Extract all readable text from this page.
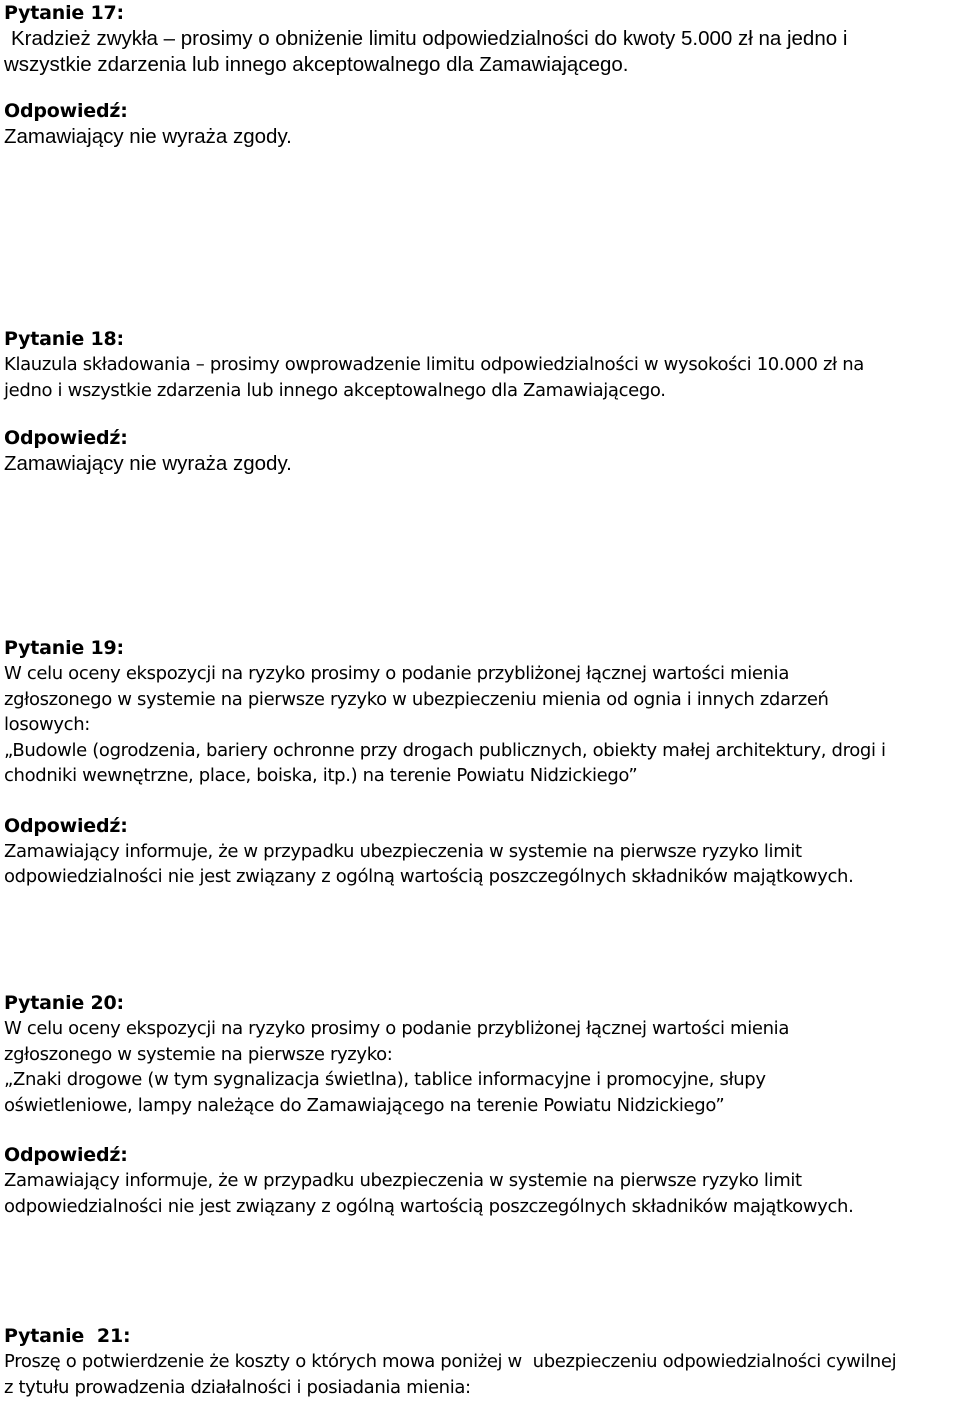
Pytanie 17:
Kradzież zwykła – prosimy o obniżenie limitu odpowiedzialności do kwoty 5.000 zł na jedno i
wszystkie zdarzenia lub innego akceptowalnego dla Zamawiającego.
Odpowiedź:
Zamawiający nie wyraża zgody.
Pytanie 18:
Klauzula składowania – prosimy owprowadzenie limitu odpowiedzialności w wysokości 10.000 zł na
jedno i wszystkie zdarzenia lub innego akceptowalnego dla Zamawiającego.
Odpowiedź:
Zamawiający nie wyraża zgody.
Pytanie 19:
W celu oceny ekspozycji na ryzyko prosimy o podanie przybliżonej łącznej wartości mienia
zgłoszonego w systemie na pierwsze ryzyko w ubezpieczeniu mienia od ognia i innych zdarzeń
losowych:
„Budowle (ogrodzenia, bariery ochronne przy drogach publicznych, obiekty małej architektury, drogi i
chodniki wewnętrzne, place, boiska, itp.) na terenie Powiatu Nidzickiego”
Odpowiedź:
Zamawiający informuje, że w przypadku ubezpieczenia w systemie na pierwsze ryzyko limit
odpowiedzialności nie jest związany z ogólną wartością poszczególnych składników majątkowych.
Pytanie 20:
W celu oceny ekspozycji na ryzyko prosimy o podanie przybliżonej łącznej wartości mienia
zgłoszonego w systemie na pierwsze ryzyko:
„Znaki drogowe (w tym sygnalizacja świetlna), tablice informacyjne i promocyjne, słupy
oświetleniowe, lampy należące do Zamawiającego na terenie Powiatu Nidzickiego”
Odpowiedź:
Zamawiający informuje, że w przypadku ubezpieczenia w systemie na pierwsze ryzyko limit
odpowiedzialności nie jest związany z ogólną wartością poszczególnych składników majątkowych.
Pytanie  21:
Proszę o potwierdzenie że koszty o których mowa poniżej w  ubezpieczeniu odpowiedzialności cywilnej
z tytułu prowadzenia działalności i posiadania mienia:
